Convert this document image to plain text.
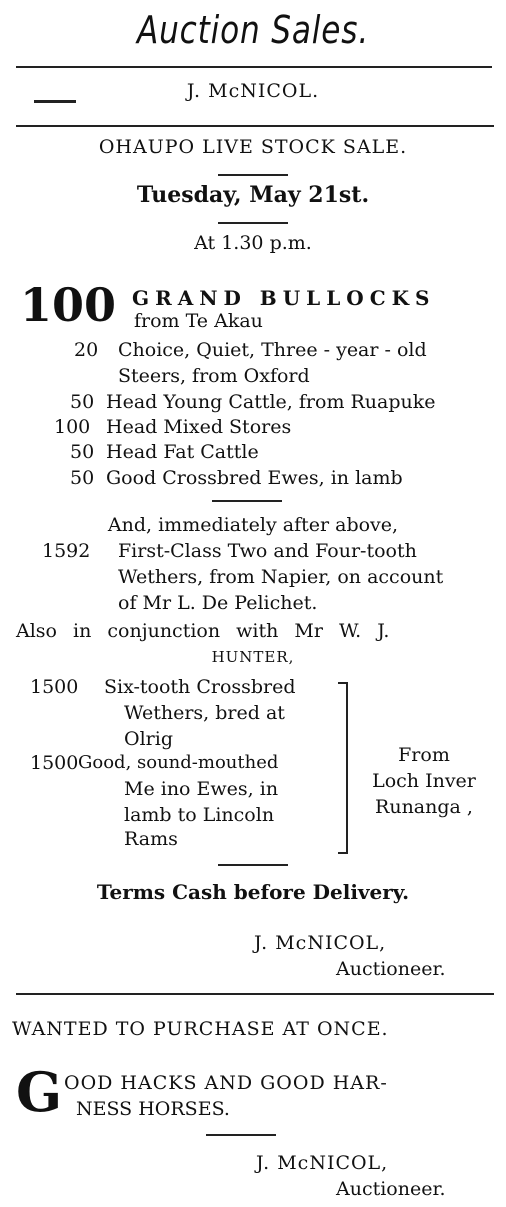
Auction Sales.
J. McNICOL.
OHAUPO LIVE STOCK SALE.
Tuesday, May 21st.
At 1.30 p.m.
100 GRAND BULLOCKS
from Te Akau
20 Choice, Quiet, Three - year - old
Steers, from Oxford
50 Head Young Cattle, from Ruapuke
100 Head Mixed Stores
50 Head Fat Cattle
50 Good Crossbred Ewes, in lamb
And, immediately after above,
1592 First-Class Two and Four-tooth
Wethers, from Napier, on account
of Mr L. De Pelichet.
Also in conjunction with Mr W. J.
HUNTER,
1500 Six-tooth Crossbred
Wethers, bred at
Olrig
1500 Good, sound-mouthed
Me ino Ewes, in
lamb to Lincoln
Rams
From
Loch Inver
Runanga ,
Terms Cash before Delivery.
J. McNICOL,
Auctioneer.
WANTED TO PURCHASE AT ONCE.
G OOD HACKS AND GOOD HAR-
NESS HORSES.
J. McNICOL,
Auctioneer.
